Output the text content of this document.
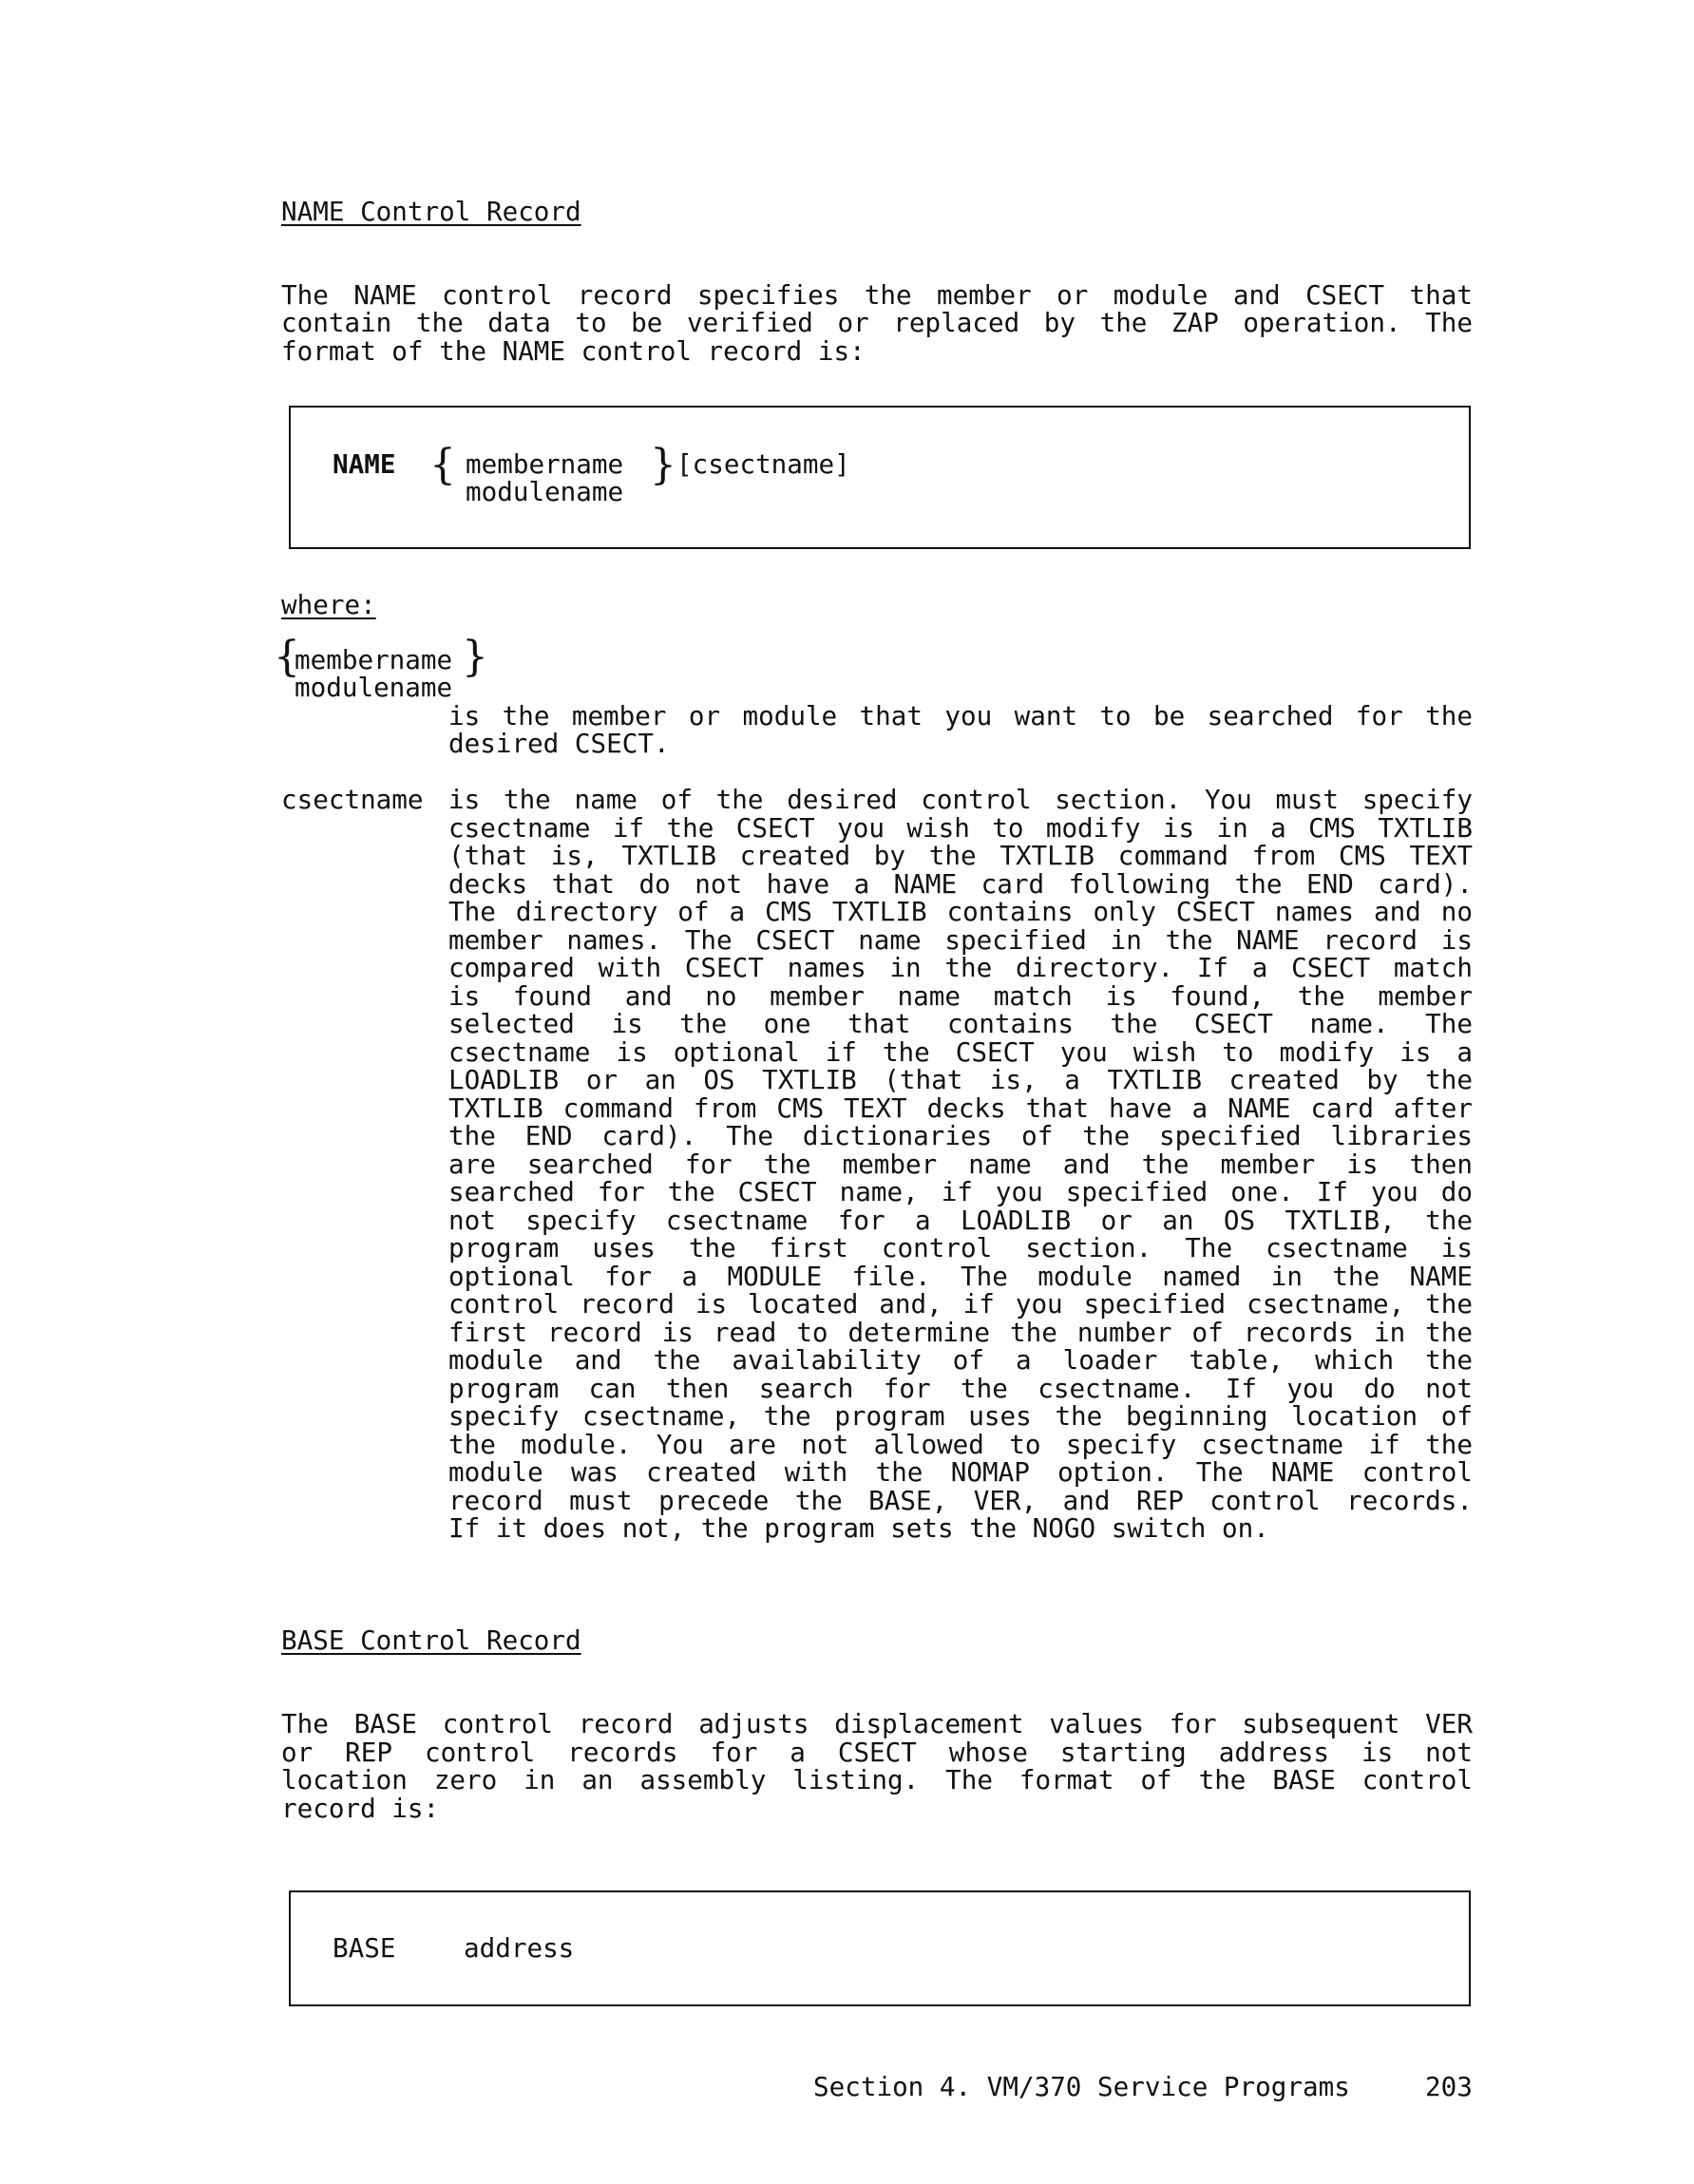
NAME Control Record
The NAME control record specifies the member or module and CSECT that
contain the data to be verified or replaced by the ZAP operation. The
format of the NAME control record is:
NAME { membername
modulename
} [csectname]
where:
{
membername
modulename
}
is the member or module that you want to be searched for the
desired CSECT.
csectname is the name of the desired control section. You must specify
csectname if the CSECT you wish to modify is in a CMS TXTLIB
(that is, TXTLIB created by the TXTLIB command from CMS TEXT
decks that do not have a NAME card following the END card).
The directory of a CMS TXTLIB contains only CSECT names and no
member names. The CSECT name specified in the NAME record is
compared with CSECT names in the directory. If a CSECT match
is found and no member name match is found, the member
selected is the one that contains the CSECT name. The
csectname is optional if the CSECT you wish to modify is a
LOADLIB or an OS TXTLIB (that is, a TXTLIB created by the
TXTLIB command from CMS TEXT decks that have a NAME card after
the END card). The dictionaries of the specified libraries
are searched for the member name and the member is then
searched for the CSECT name, if you specified one. If you do
not specify csectname for a LOADLIB or an OS TXTLIB, the
program uses the first control section. The csectname is
optional for a MODULE file. The module named in the NAME
control record is located and, if you specified csectname, the
first record is read to determine the number of records in the
module and the availability of a loader table, which the
program can then search for the csectname. If you do not
specify csectname, the program uses the beginning location of
the module. You are not allowed to specify csectname if the
module was created with the NOMAP option. The NAME control
record must precede the BASE, VER, and REP control records.
If it does not, the program sets the NOGO switch on.
BASE Control Record
The BASE control record adjusts displacement values for subsequent VER
or REP control records for a CSECT whose starting address is not
location zero in an assembly listing. The format of the BASE control
record is:
BASE	address
Section 4. VM/370 Service Programs	203
